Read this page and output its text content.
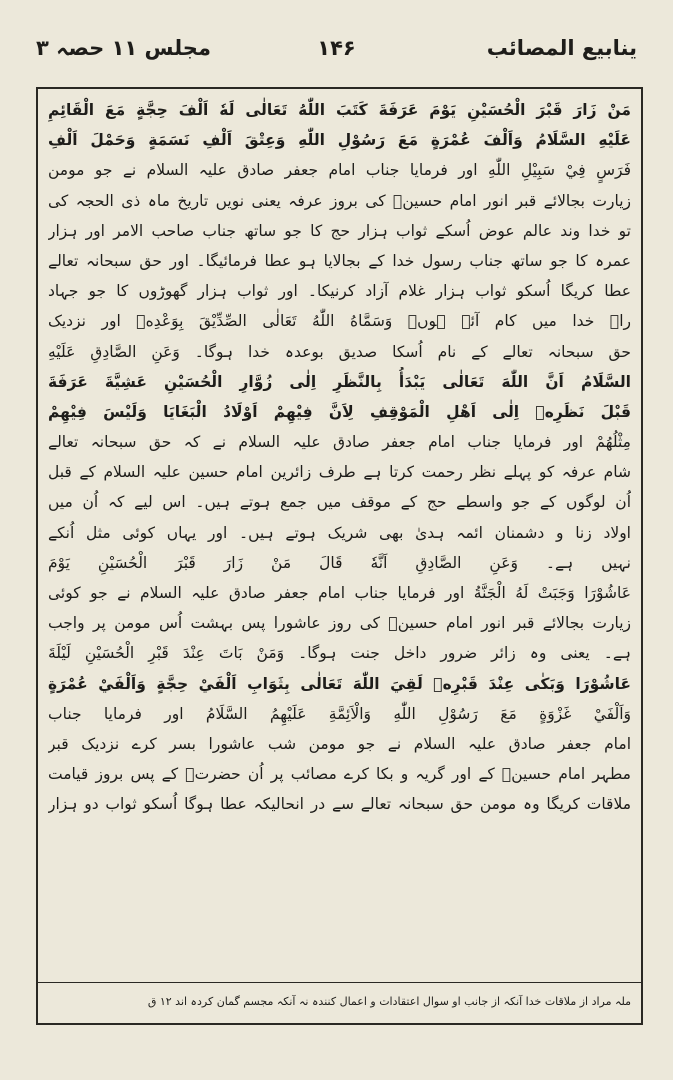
ینابیع المصائب
۱۴۶
مجلس ۱۱ حصہ ۳
مَنْ زَارَ قَبْرَ الْحُسَيْنِ يَوْمَ عَرَفَةَ كَتَبَ اللّٰهُ تَعَالٰى لَهٗ اَلْفَ حِجَّةٍ مَعَ الْقَائِمِ
عَلَيْهِ السَّلَامُ وَاَلْفَ عُمْرَةٍ مَعَ رَسُوْلِ اللّٰهِ وَعِتْقَ اَلْفِ نَسَمَةٍ وَحَمْلَ اَلْفِ
فَرَسٍ فِيْ سَبِيْلِ اللّٰهِ اور فرمایا جناب امام جعفر صادق علیہ السلام نے جو مومن
زیارت بجالائے قبر انور امام حسینؑ کی بروز عرفہ یعنی نویں تاریخ ماہ ذی الحجہ کی
تو خدا وند عالم عوض اُسکے ثواب ہزار حج کا جو ساتھ جناب صاحب الامر اور ہزار
عمرہ کا جو ساتھ جناب رسول خدا کے بجالایا ہو عطا فرمائیگا۔ اور حق سبحانہ تعالے
عطا کریگا اُسکو ثواب ہزار غلام آزاد کرنیکا۔ اور ثواب ہزار گھوڑوں کا جو جہاد
راہ خدا میں کام آئے ہوں۔ وَسَمَّاهُ اللّٰهُ تَعَالٰى الصِّدِّيْقَ بِوَعْدِهٖ اور نزدیک
حق سبحانہ تعالے کے نام اُسکا صدیق بوعدہ خدا ہوگا۔ وَعَنِ الصَّادِقِ عَلَيْهِ
السَّلَامُ اَنَّ اللّٰهَ تَعَالٰى يَبْدَأُ بِالنَّظَرِ اِلٰى زُوَّارِ الْحُسَيْنِ عَشِيَّةَ عَرَفَةَ
قَبْلَ نَظَرِهٖ اِلٰى اَهْلِ الْمَوْقِفِ لِاَنَّ فِيْهِمْ اَوْلَادُ الْبَغَايَا وَلَيْسَ فِيْهِمْ
مِثْلُهُمْ اور فرمایا جناب امام جعفر صادق علیہ السلام نے کہ حق سبحانہ تعالے
شام عرفہ کو پہلے نظر رحمت کرتا ہے طرف زائرین امام حسین علیہ السلام کے قبل
اُن لوگوں کے جو واسطے حج کے موقف میں جمع ہوتے ہیں۔ اس لیے کہ اُن میں
اولاد زنا و دشمنان ائمہ ہدیٰ بھی شریک ہوتے ہیں۔ اور یہاں کوئی مثل اُنکے
نہیں ہے۔ وَعَنِ الصَّادِقِ اَنَّهٗ قَالَ مَنْ زَارَ قَبْرَ الْحُسَيْنِ يَوْمَ
عَاشُوْرَا وَجَبَتْ لَهُ الْجَنَّةُ اور فرمایا جناب امام جعفر صادق علیہ السلام نے جو کوئی
زیارت بجالائے قبر انور امام حسینؑ کی روز عاشورا پس بہشت اُس مومن پر واجب
ہے۔ یعنی وہ زائر ضرور داخل جنت ہوگا۔ وَمَنْ بَاتَ عِنْدَ قَبْرِ الْحُسَيْنِ لَيْلَةَ
عَاشُوْرَا وَبَكٰى عِنْدَ قَبْرِهٖ لَقِيَ اللّٰهَ تَعَالٰى بِثَوَابِ اَلْفَيْ حِجَّةٍ وَاَلْفَيْ عُمْرَةٍ
وَاَلْفَيْ غَزْوَةٍ مَعَ رَسُوْلِ اللّٰهِ وَالْاَئِمَّةِ عَلَيْهِمُ السَّلَامُ اور فرمایا جناب
امام جعفر صادق علیہ السلام نے جو مومن شب عاشورا بسر کرے نزدیک قبر
مطہر امام حسینؑ کے اور گریہ و بکا کرے مصائب پر اُن حضرتؑ کے پس بروز قیامت
ملاقات کریگا وہ مومن حق سبحانہ تعالے سے در انحالیکہ عطا ہوگا اُسکو ثواب دو ہزار
ملہ مراد از ملاقات خدا آنکہ از جانب او سوال اعتقادات و اعمال کنندہ نہ آنکہ مجسم گمان کردہ اند ۱۲ ق
